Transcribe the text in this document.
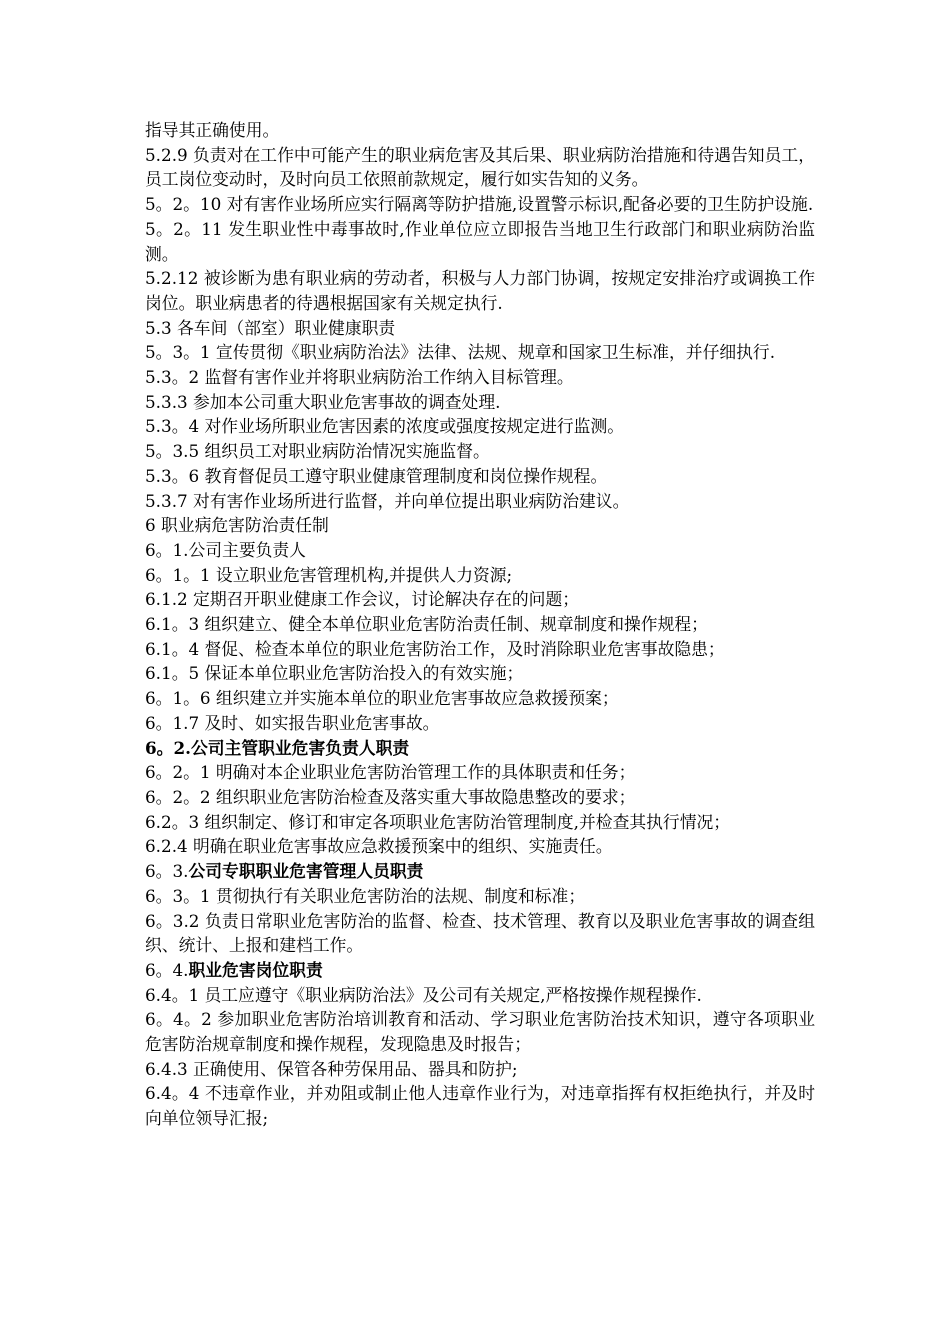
指导其正确使用。

5.2.9 负责对在工作中可能产生的职业病危害及其后果、职业病防治措施和待遇告知员工，员工岗位变动时，及时向员工依照前款规定，履行如实告知的义务。

5。2。10 对有害作业场所应实行隔离等防护措施,设置警示标识,配备必要的卫生防护设施.

5。2。11 发生职业性中毒事故时,作业单位应立即报告当地卫生行政部门和职业病防治监测。

5.2.12 被诊断为患有职业病的劳动者，积极与人力部门协调，按规定安排治疗或调换工作岗位。职业病患者的待遇根据国家有关规定执行.

5.3 各车间（部室）职业健康职责

5。3。1 宣传贯彻《职业病防治法》法律、法规、规章和国家卫生标准，并仔细执行.

5.3。2 监督有害作业并将职业病防治工作纳入目标管理。

5.3.3 参加本公司重大职业危害事故的调查处理.

5.3。4 对作业场所职业危害因素的浓度或强度按规定进行监测。

5。3.5 组织员工对职业病防治情况实施监督。

5.3。6 教育督促员工遵守职业健康管理制度和岗位操作规程。

5.3.7 对有害作业场所进行监督，并向单位提出职业病防治建议。

6 职业病危害防治责任制

6。1.公司主要负责人

6。1。1 设立职业危害管理机构,并提供人力资源;

6.1.2 定期召开职业健康工作会议，讨论解决存在的问题；

6.1。3 组织建立、健全本单位职业危害防治责任制、规章制度和操作规程；

6.1。4 督促、检查本单位的职业危害防治工作，及时消除职业危害事故隐患；

6.1。5 保证本单位职业危害防治投入的有效实施；

6。1。6 组织建立并实施本单位的职业危害事故应急救援预案；

6。1.7 及时、如实报告职业危害事故。

6。2.公司主管职业危害负责人职责

6。2。1 明确对本企业职业危害防治管理工作的具体职责和任务；

6。2。2 组织职业危害防治检查及落实重大事故隐患整改的要求；

6.2。3 组织制定、修订和审定各项职业危害防治管理制度,并检查其执行情况；

6.2.4 明确在职业危害事故应急救援预案中的组织、实施责任。

6。3.公司专职职业危害管理人员职责

6。3。1 贯彻执行有关职业危害防治的法规、制度和标准；

6。3.2 负责日常职业危害防治的监督、检查、技术管理、教育以及职业危害事故的调查组织、统计、上报和建档工作。

6。4.职业危害岗位职责

6.4。1 员工应遵守《职业病防治法》及公司有关规定,严格按操作规程操作.

6。4。2 参加职业危害防治培训教育和活动、学习职业危害防治技术知识，遵守各项职业危害防治规章制度和操作规程，发现隐患及时报告；

6.4.3 正确使用、保管各种劳保用品、器具和防护;

6.4。4 不违章作业，并劝阻或制止他人违章作业行为，对违章指挥有权拒绝执行，并及时向单位领导汇报;
